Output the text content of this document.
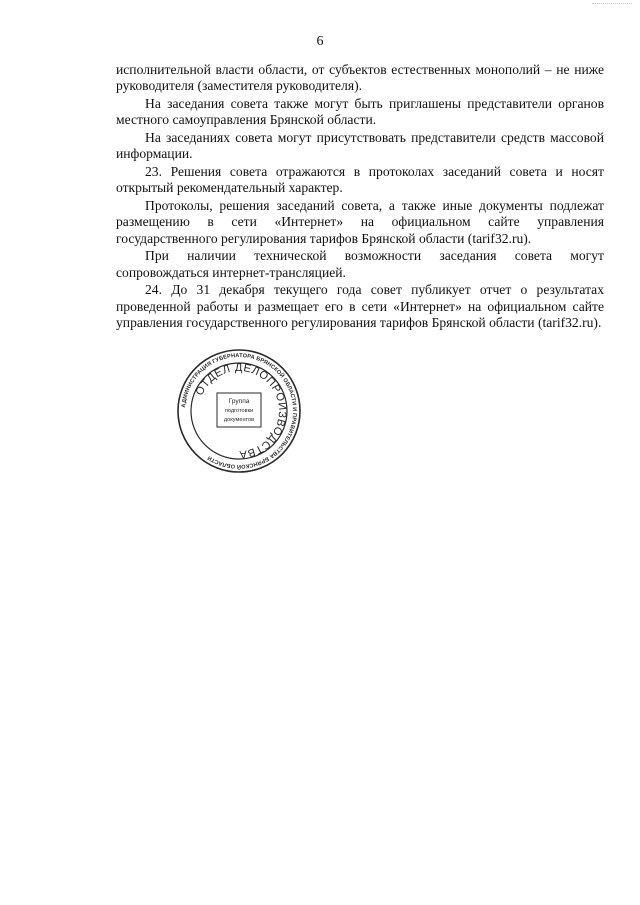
6

исполнительной власти области, от субъектов естественных монополий – не ниже руководителя (заместителя руководителя).

На заседания совета также могут быть приглашены представители органов местного самоуправления Брянской области.

На заседаниях совета могут присутствовать представители средств массовой информации.

23. Решения совета отражаются в протоколах заседаний совета и носят открытый рекомендательный характер.

Протоколы, решения заседаний совета, а также иные документы подлежат размещению в сети «Интернет» на официальном сайте управления государственного регулирования тарифов Брянской области (tarif32.ru).

При наличии технической возможности заседания совета могут сопровождаться интернет-трансляцией.

24. До 31 декабря текущего года совет публикует отчет о результатах проведенной работы и размещает его в сети «Интернет» на официальном сайте управления государственного регулирования тарифов Брянской области (tarif32.ru).

АДМИНИСТРАЦИЯ ГУБЕРНАТОРА БРЯНСКОЙ ОБЛАСТИ И ПРАВИТЕЛЬСТВА БРЯНСКОЙ ОБЛАСТИ
ОТДЕЛ ДЕЛОПРОИЗВОДСТВА
Группа
подготовки
документов
